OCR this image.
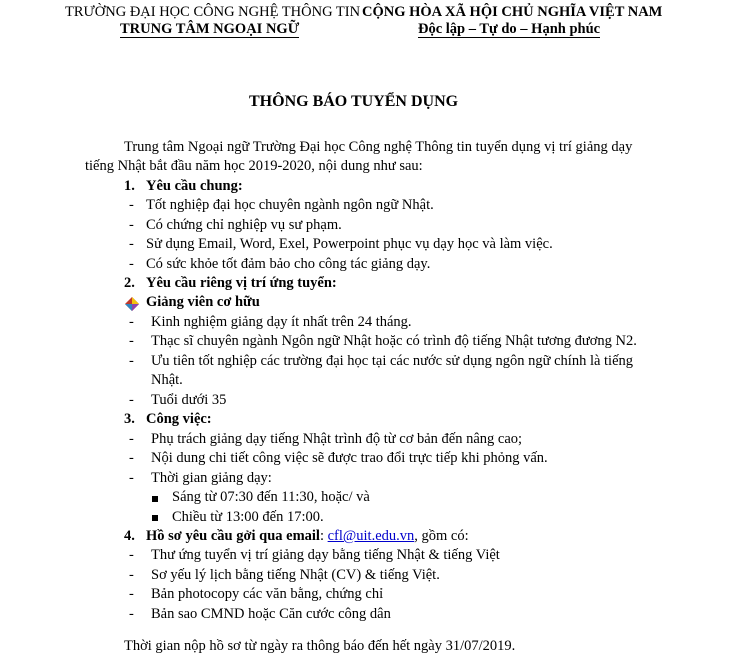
TRƯỜNG ĐẠI HỌC CÔNG NGHỆ THÔNG TIN
TRUNG TÂM NGOẠI NGỮ
CỘNG HÒA XÃ HỘI CHỦ NGHĨA VIỆT NAM
Độc lập – Tự do – Hạnh phúc
THÔNG BÁO TUYỂN DỤNG
Trung tâm Ngoại ngữ Trường Đại học Công nghệ Thông tin tuyển dụng vị trí giảng dạy
tiếng Nhật bắt đầu năm học 2019-2020, nội dung như sau:
1. Yêu cầu chung:
- Tốt nghiệp đại học chuyên ngành ngôn ngữ Nhật.
- Có chứng chỉ nghiệp vụ sư phạm.
- Sử dụng Email, Word, Exel, Powerpoint phục vụ dạy học và làm việc.
- Có sức khỏe tốt đảm bảo cho công tác giảng dạy.
2. Yêu cầu riêng vị trí ứng tuyển:
Giảng viên cơ hữu
- Kinh nghiệm giảng dạy ít nhất trên 24 tháng.
- Thạc sĩ chuyên ngành Ngôn ngữ Nhật hoặc có trình độ tiếng Nhật tương đương N2.
- Ưu tiên tốt nghiệp các trường đại học tại các nước sử dụng ngôn ngữ chính là tiếng
Nhật.
- Tuổi dưới 35
3. Công việc:
- Phụ trách giảng dạy tiếng Nhật trình độ từ cơ bản đến nâng cao;
- Nội dung chi tiết công việc sẽ được trao đổi trực tiếp khi phỏng vấn.
- Thời gian giảng dạy:
Sáng từ 07:30 đến 11:30, hoặc/ và
Chiều từ 13:00 đến 17:00.
4. Hồ sơ yêu cầu gởi qua email: cfl@uit.edu.vn, gồm có:
- Thư ứng tuyển vị trí giảng dạy bằng tiếng Nhật & tiếng Việt
- Sơ yếu lý lịch bằng tiếng Nhật (CV) & tiếng Việt.
- Bản photocopy các văn bằng, chứng chỉ
- Bản sao CMND hoặc Căn cước công dân
Thời gian nộp hồ sơ từ ngày ra thông báo đến hết ngày 31/07/2019.
